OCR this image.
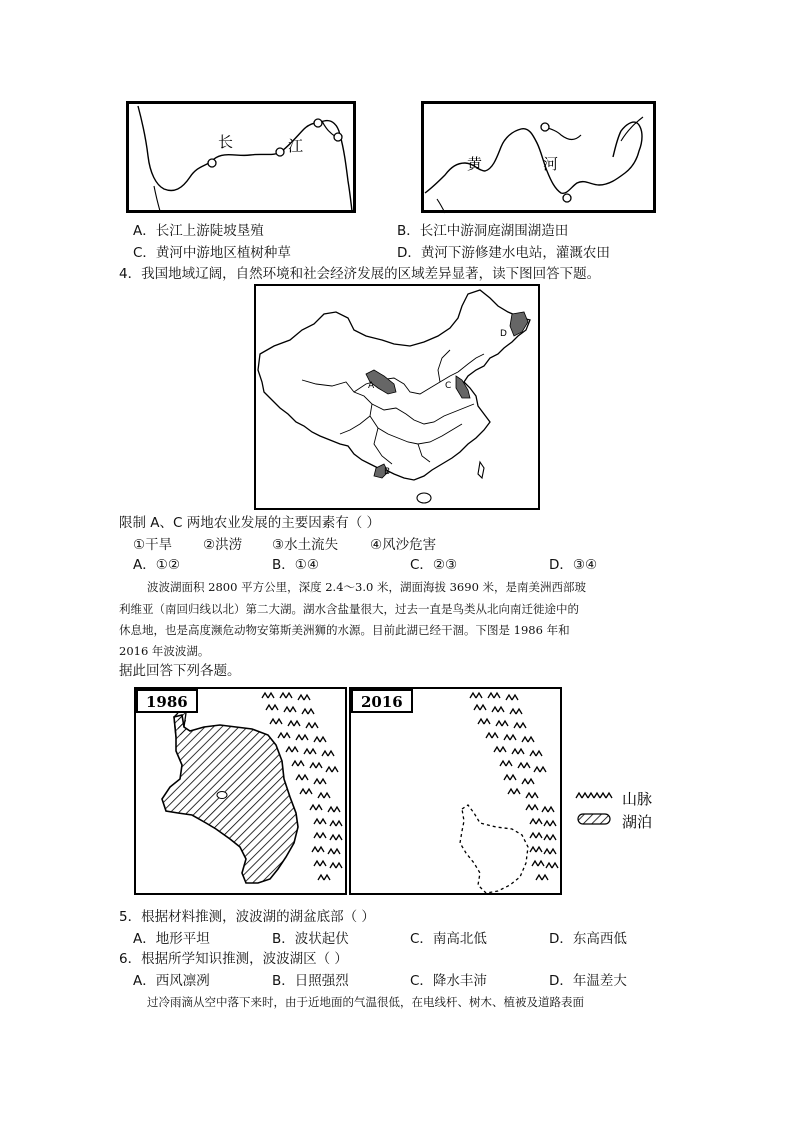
长	江
黄	河
A．长江上游陡坡垦殖	B．长江中游洞庭湖围湖造田
C．黄河中游地区植树种草	D．黄河下游修建水电站，灌溉农田
4．我国地域辽阔，自然环境和社会经济发展的区域差异显著，读下图回答下题。
A
B
C
D
限制 A、C 两地农业发展的主要因素有（ ）
①干旱 ②洪涝 ③水土流失 ④风沙危害
A．①②	B．①④	C．②③	D．③④
波波湖面积 2800 平方公里，深度 2.4～3.0 米，湖面海拔 3690 米，是南美洲西部玻
利维亚（南回归线以北）第二大湖。湖水含盐量很大，过去一直是鸟类从北向南迁徙途中的
休息地，也是高度濒危动物安第斯美洲狮的水源。目前此湖已经干涸。下图是 1986 年和
2016 年波波湖。
据此回答下列各题。
1986	2016
山脉
湖泊
5．根据材料推测，波波湖的湖盆底部（ ）
A．地形平坦	B．波状起伏	C．南高北低	D．东高西低
6．根据所学知识推测，波波湖区（ ）
A．西风凛冽	B．日照强烈	C．降水丰沛	D．年温差大
过冷雨滴从空中落下来时，由于近地面的气温很低，在电线杆、树木、植被及道路表面
